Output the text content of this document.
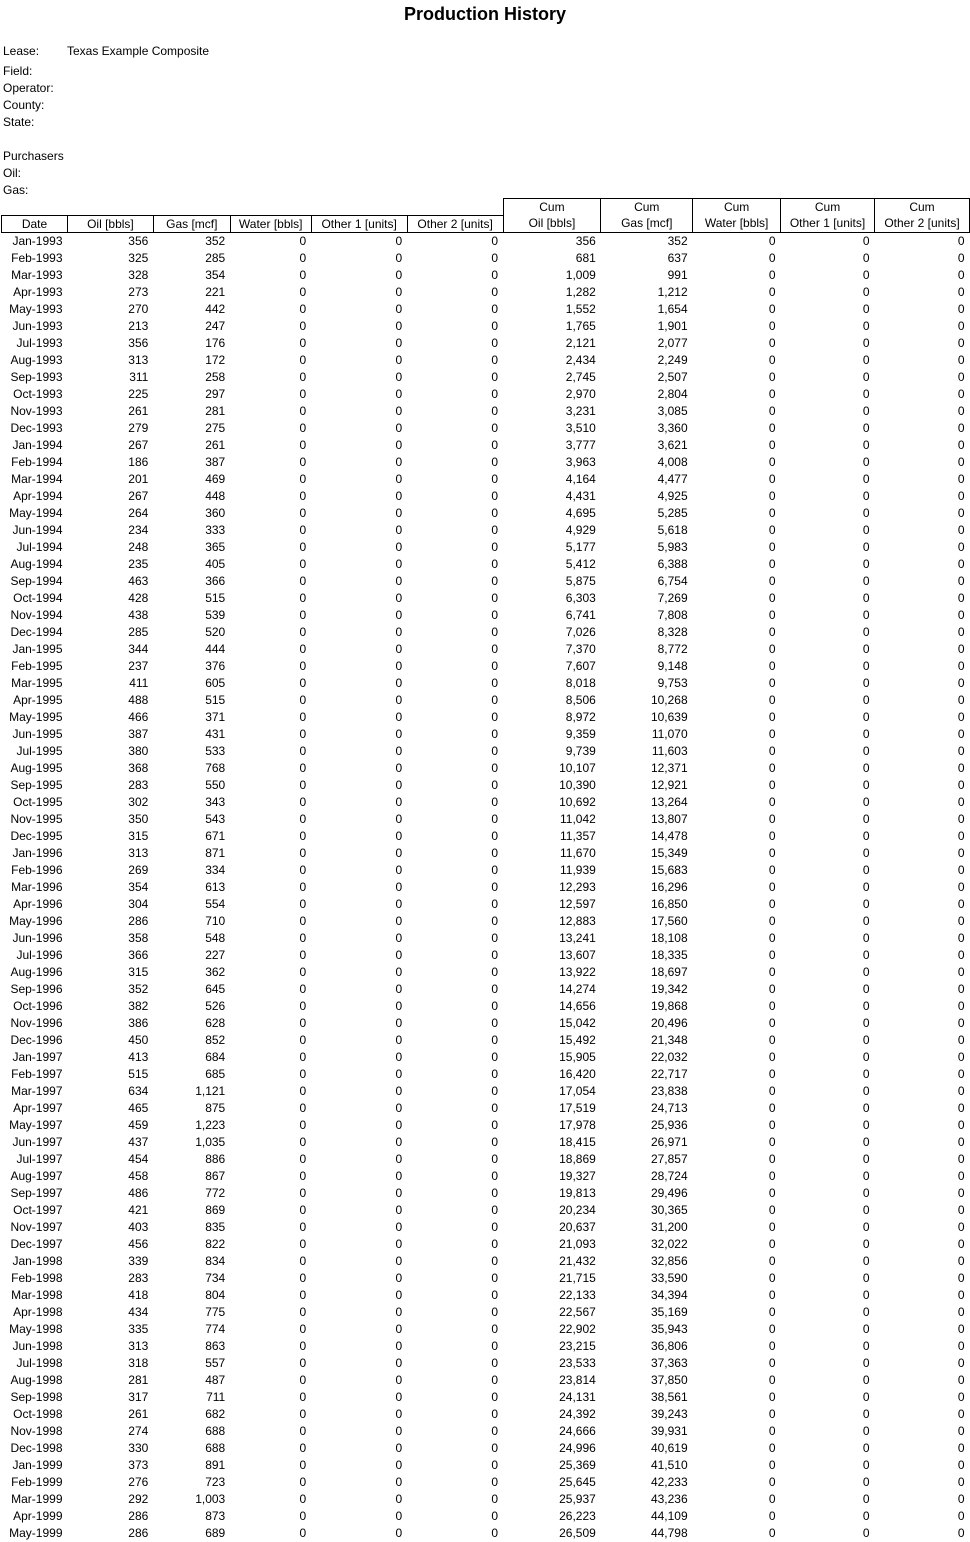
Production History
Lease: Texas Example Composite
Field:
Operator:
County:
State:
Purchasers
Oil:
Gas:
						Cum	Cum	Cum	Cum	Cum
Date	Oil [bbls]	Gas [mcf]	Water [bbls]	Other 1 [units]	Other 2 [units]	Oil [bbls]	Gas [mcf]	Water [bbls]	Other 1 [units]	Other 2 [units]
Jan-1993	356	352	0	0	0	356	352	0	0	0
Feb-1993	325	285	0	0	0	681	637	0	0	0
Mar-1993	328	354	0	0	0	1,009	991	0	0	0
Apr-1993	273	221	0	0	0	1,282	1,212	0	0	0
May-1993	270	442	0	0	0	1,552	1,654	0	0	0
Jun-1993	213	247	0	0	0	1,765	1,901	0	0	0
Jul-1993	356	176	0	0	0	2,121	2,077	0	0	0
Aug-1993	313	172	0	0	0	2,434	2,249	0	0	0
Sep-1993	311	258	0	0	0	2,745	2,507	0	0	0
Oct-1993	225	297	0	0	0	2,970	2,804	0	0	0
Nov-1993	261	281	0	0	0	3,231	3,085	0	0	0
Dec-1993	279	275	0	0	0	3,510	3,360	0	0	0
Jan-1994	267	261	0	0	0	3,777	3,621	0	0	0
Feb-1994	186	387	0	0	0	3,963	4,008	0	0	0
Mar-1994	201	469	0	0	0	4,164	4,477	0	0	0
Apr-1994	267	448	0	0	0	4,431	4,925	0	0	0
May-1994	264	360	0	0	0	4,695	5,285	0	0	0
Jun-1994	234	333	0	0	0	4,929	5,618	0	0	0
Jul-1994	248	365	0	0	0	5,177	5,983	0	0	0
Aug-1994	235	405	0	0	0	5,412	6,388	0	0	0
Sep-1994	463	366	0	0	0	5,875	6,754	0	0	0
Oct-1994	428	515	0	0	0	6,303	7,269	0	0	0
Nov-1994	438	539	0	0	0	6,741	7,808	0	0	0
Dec-1994	285	520	0	0	0	7,026	8,328	0	0	0
Jan-1995	344	444	0	0	0	7,370	8,772	0	0	0
Feb-1995	237	376	0	0	0	7,607	9,148	0	0	0
Mar-1995	411	605	0	0	0	8,018	9,753	0	0	0
Apr-1995	488	515	0	0	0	8,506	10,268	0	0	0
May-1995	466	371	0	0	0	8,972	10,639	0	0	0
Jun-1995	387	431	0	0	0	9,359	11,070	0	0	0
Jul-1995	380	533	0	0	0	9,739	11,603	0	0	0
Aug-1995	368	768	0	0	0	10,107	12,371	0	0	0
Sep-1995	283	550	0	0	0	10,390	12,921	0	0	0
Oct-1995	302	343	0	0	0	10,692	13,264	0	0	0
Nov-1995	350	543	0	0	0	11,042	13,807	0	0	0
Dec-1995	315	671	0	0	0	11,357	14,478	0	0	0
Jan-1996	313	871	0	0	0	11,670	15,349	0	0	0
Feb-1996	269	334	0	0	0	11,939	15,683	0	0	0
Mar-1996	354	613	0	0	0	12,293	16,296	0	0	0
Apr-1996	304	554	0	0	0	12,597	16,850	0	0	0
May-1996	286	710	0	0	0	12,883	17,560	0	0	0
Jun-1996	358	548	0	0	0	13,241	18,108	0	0	0
Jul-1996	366	227	0	0	0	13,607	18,335	0	0	0
Aug-1996	315	362	0	0	0	13,922	18,697	0	0	0
Sep-1996	352	645	0	0	0	14,274	19,342	0	0	0
Oct-1996	382	526	0	0	0	14,656	19,868	0	0	0
Nov-1996	386	628	0	0	0	15,042	20,496	0	0	0
Dec-1996	450	852	0	0	0	15,492	21,348	0	0	0
Jan-1997	413	684	0	0	0	15,905	22,032	0	0	0
Feb-1997	515	685	0	0	0	16,420	22,717	0	0	0
Mar-1997	634	1,121	0	0	0	17,054	23,838	0	0	0
Apr-1997	465	875	0	0	0	17,519	24,713	0	0	0
May-1997	459	1,223	0	0	0	17,978	25,936	0	0	0
Jun-1997	437	1,035	0	0	0	18,415	26,971	0	0	0
Jul-1997	454	886	0	0	0	18,869	27,857	0	0	0
Aug-1997	458	867	0	0	0	19,327	28,724	0	0	0
Sep-1997	486	772	0	0	0	19,813	29,496	0	0	0
Oct-1997	421	869	0	0	0	20,234	30,365	0	0	0
Nov-1997	403	835	0	0	0	20,637	31,200	0	0	0
Dec-1997	456	822	0	0	0	21,093	32,022	0	0	0
Jan-1998	339	834	0	0	0	21,432	32,856	0	0	0
Feb-1998	283	734	0	0	0	21,715	33,590	0	0	0
Mar-1998	418	804	0	0	0	22,133	34,394	0	0	0
Apr-1998	434	775	0	0	0	22,567	35,169	0	0	0
May-1998	335	774	0	0	0	22,902	35,943	0	0	0
Jun-1998	313	863	0	0	0	23,215	36,806	0	0	0
Jul-1998	318	557	0	0	0	23,533	37,363	0	0	0
Aug-1998	281	487	0	0	0	23,814	37,850	0	0	0
Sep-1998	317	711	0	0	0	24,131	38,561	0	0	0
Oct-1998	261	682	0	0	0	24,392	39,243	0	0	0
Nov-1998	274	688	0	0	0	24,666	39,931	0	0	0
Dec-1998	330	688	0	0	0	24,996	40,619	0	0	0
Jan-1999	373	891	0	0	0	25,369	41,510	0	0	0
Feb-1999	276	723	0	0	0	25,645	42,233	0	0	0
Mar-1999	292	1,003	0	0	0	25,937	43,236	0	0	0
Apr-1999	286	873	0	0	0	26,223	44,109	0	0	0
May-1999	286	689	0	0	0	26,509	44,798	0	0	0
